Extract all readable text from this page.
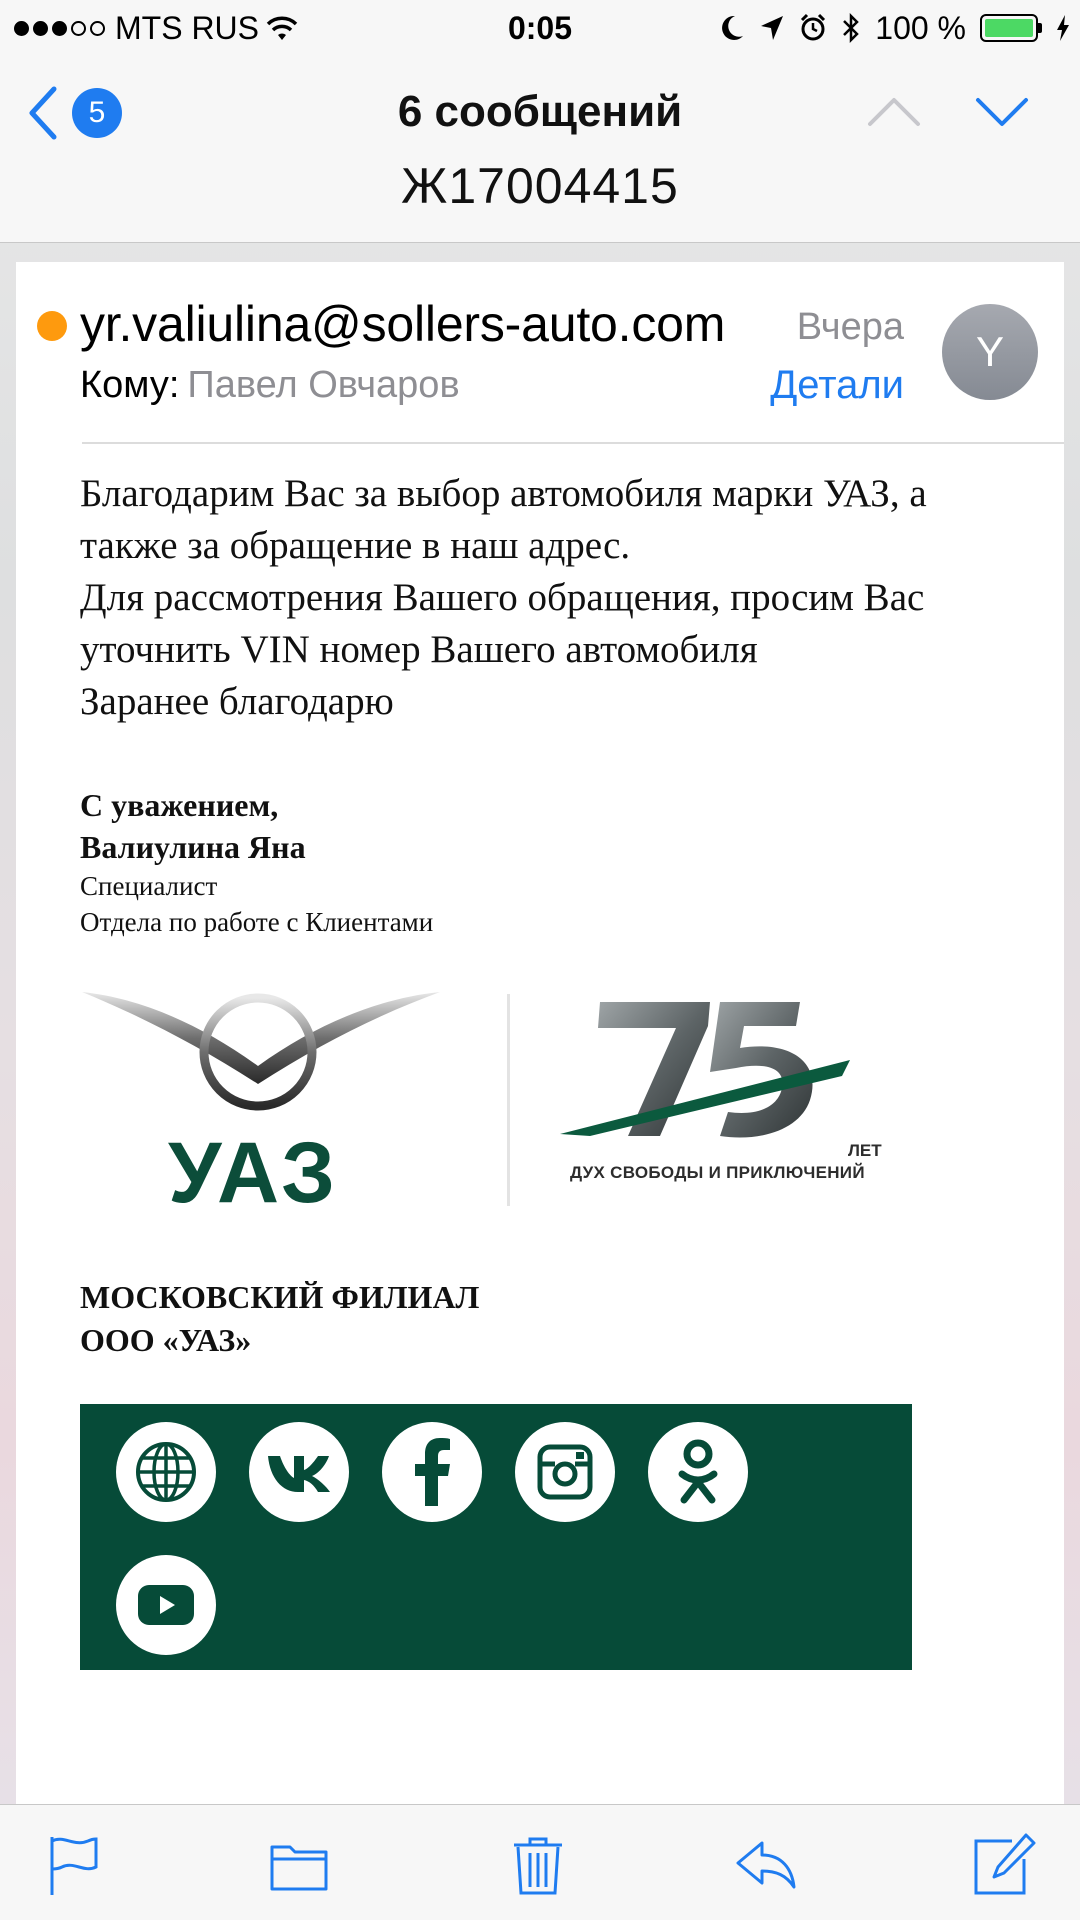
MTS RUS	0:05	100 %
5	6 сообщений
Ж17004415
yr.valiulina@sollers-auto.com Вчера
Кому: Павел Овчаров	Детали
Y
Благодарим Вас за выбор автомобиля марки УАЗ, а
также за обращение в наш адрес.
Для рассмотрения Вашего обращения, просим Вас
уточнить VIN номер Вашего автомобиля
Заранее благодарю
С уважением,
Валиулина Яна
Специалист
Отдела по работе с Клиентами
УАЗ	ЛЕТ
ДУХ СВОБОДЫ И ПРИКЛЮЧЕНИЙ
МОСКОВСКИЙ ФИЛИАЛ
ООО «УАЗ»
